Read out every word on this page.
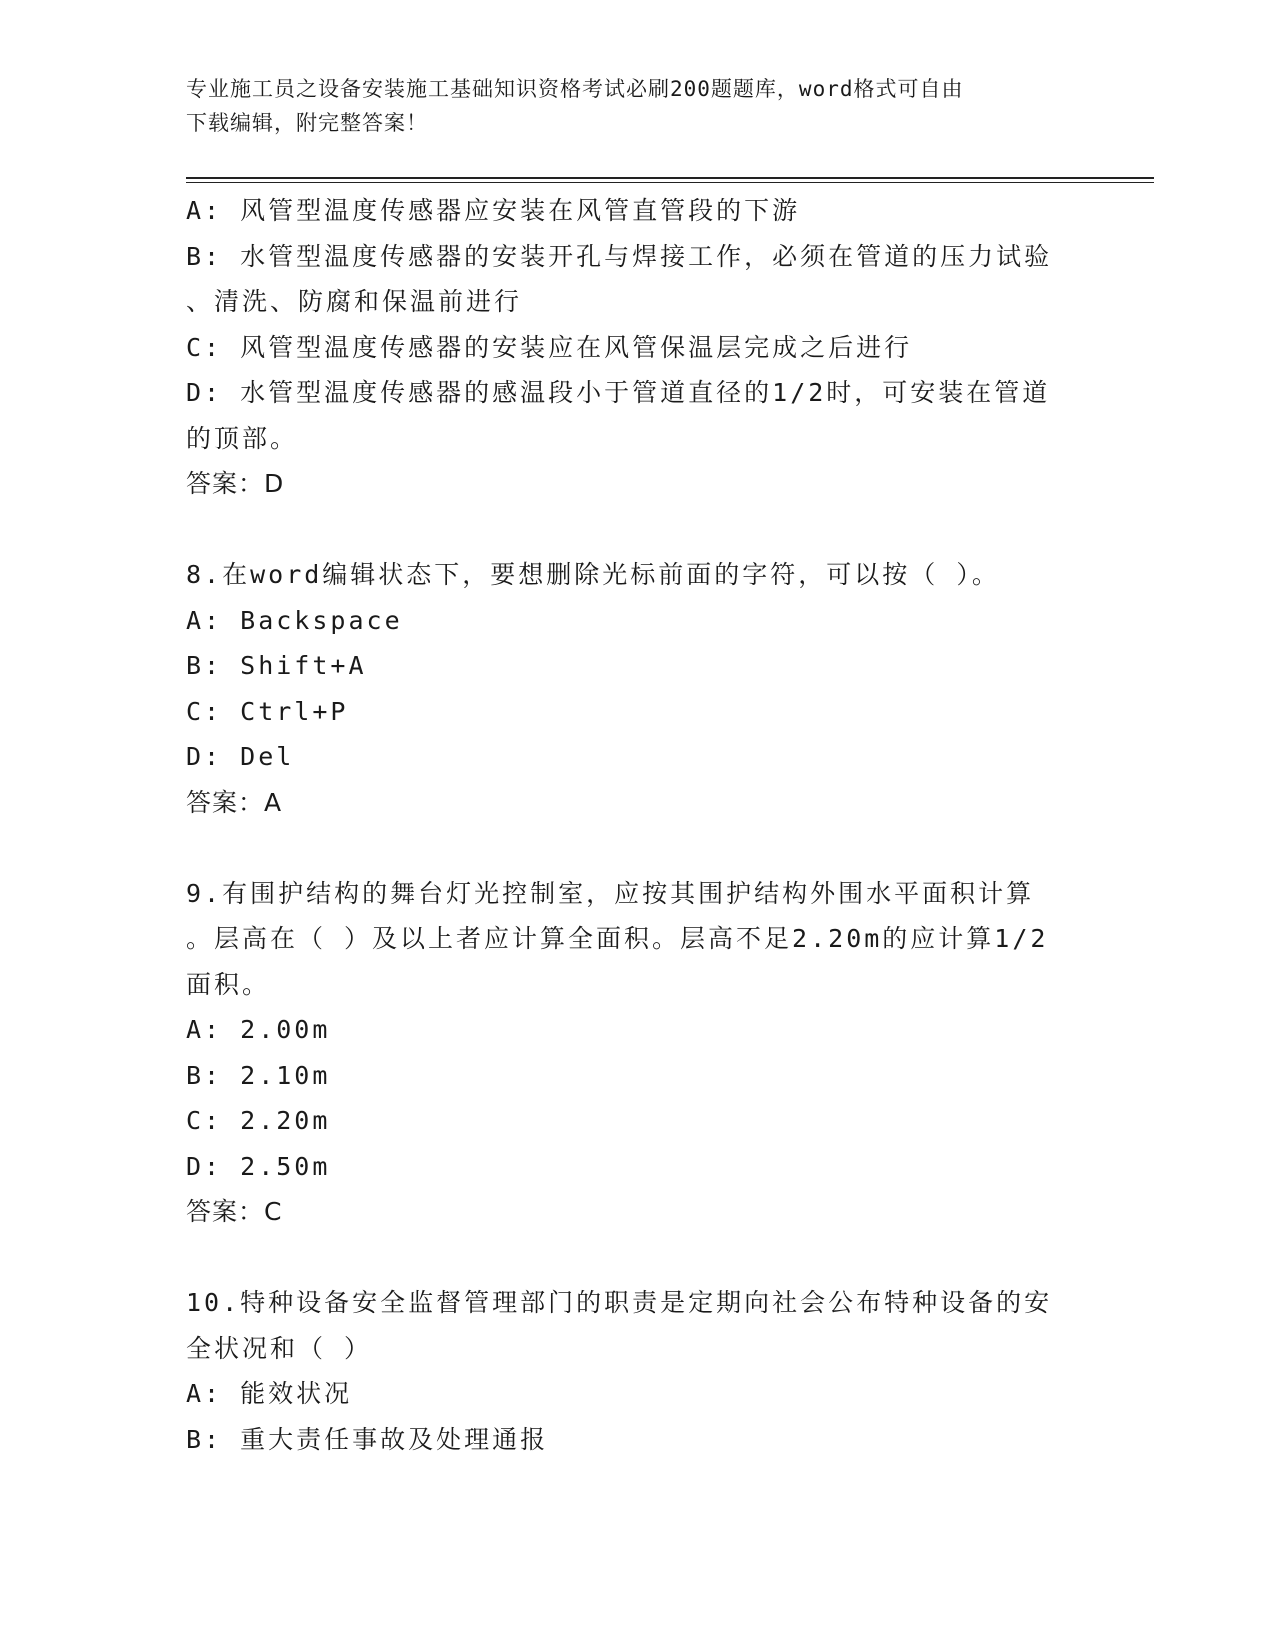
专业施工员之设备安装施工基础知识资格考试必刷200题题库，word格式可自由
下载编辑，附完整答案！
A: 风管型温度传感器应安装在风管直管段的下游
B: 水管型温度传感器的安装开孔与焊接工作，必须在管道的压力试验
、清洗、防腐和保温前进行
C: 风管型温度传感器的安装应在风管保温层完成之后进行
D: 水管型温度传感器的感温段小于管道直径的1/2时，可安装在管道
的顶部。
答案：D
8.在word编辑状态下，要想删除光标前面的字符，可以按（ ）。
A: Backspace
B: Shift+A
C: Ctrl+P
D: Del
答案：A
9.有围护结构的舞台灯光控制室，应按其围护结构外围水平面积计算
。层高在（ ）及以上者应计算全面积。层高不足2.20m的应计算1/2
面积。
A: 2.00m
B: 2.10m
C: 2.20m
D: 2.50m
答案：C
10.特种设备安全监督管理部门的职责是定期向社会公布特种设备的安
全状况和（ ）
A: 能效状况
B: 重大责任事故及处理通报
